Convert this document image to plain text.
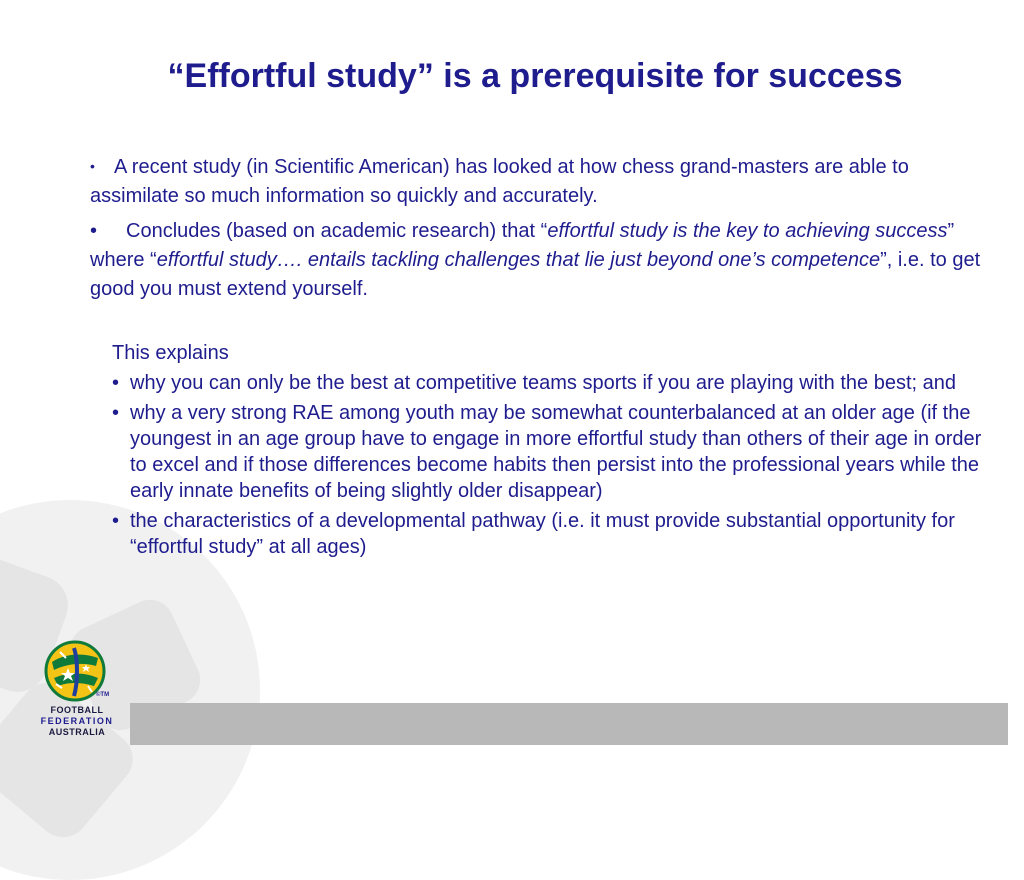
“Effortful study” is a prerequisite for success
• A recent study (in Scientific American) has looked at how chess grand-masters are able to assimilate so much information so quickly and accurately.
• Concludes (based on academic research) that “effortful study is the key to achieving success” where “effortful study…. entails tackling challenges that lie just beyond one’s competence”, i.e. to get good you must extend yourself.

This explains

• why you can only be the best at competitive teams sports if you are playing with the best; and
• why a very strong RAE among youth may be somewhat counterbalanced at an older age (if the youngest in an age group have to engage in more effortful study than others of their age in order to excel and if those differences become habits then persist into the professional years while the early innate benefits of being slightly older disappear)
• the characteristics of a developmental pathway (i.e. it must provide substantial opportunity for “effortful study” at all ages)
©TM
FOOTBALL
FEDERATION
AUSTRALIA
